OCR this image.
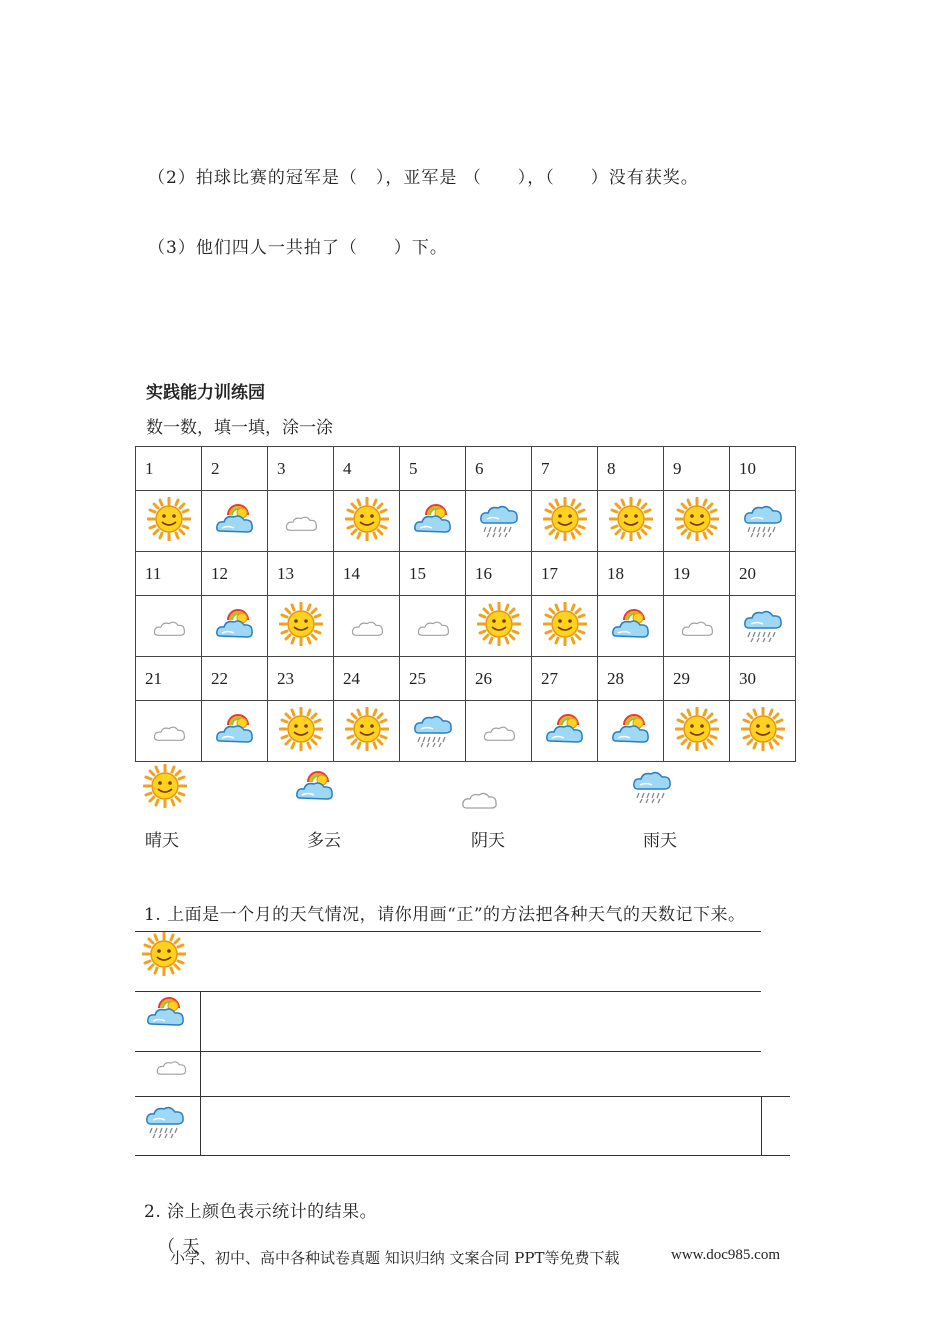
（2）拍球比赛的冠军是（　），亚军是 （　　），（　　）没有获奖。
（3）他们四人一共拍了（　　）下。
实践能力训练园
数一数，填一填，涂一涂
1	2	3	4	5	6	7	8	9	10

11	12	13	14	15	16	17	18	19	20

21	22	23	24	25	26	27	28	29	30

晴天	多云	阴天	雨天
1. 上面是一个月的天气情况，请你用画“正”的方法把各种天气的天数记下来。
2. 涂上颜色表示统计的结果。
（ 天
小学、初中、高中各种试卷真题 知识归纳 文案合同 PPT等免费下载	www.doc985.com
